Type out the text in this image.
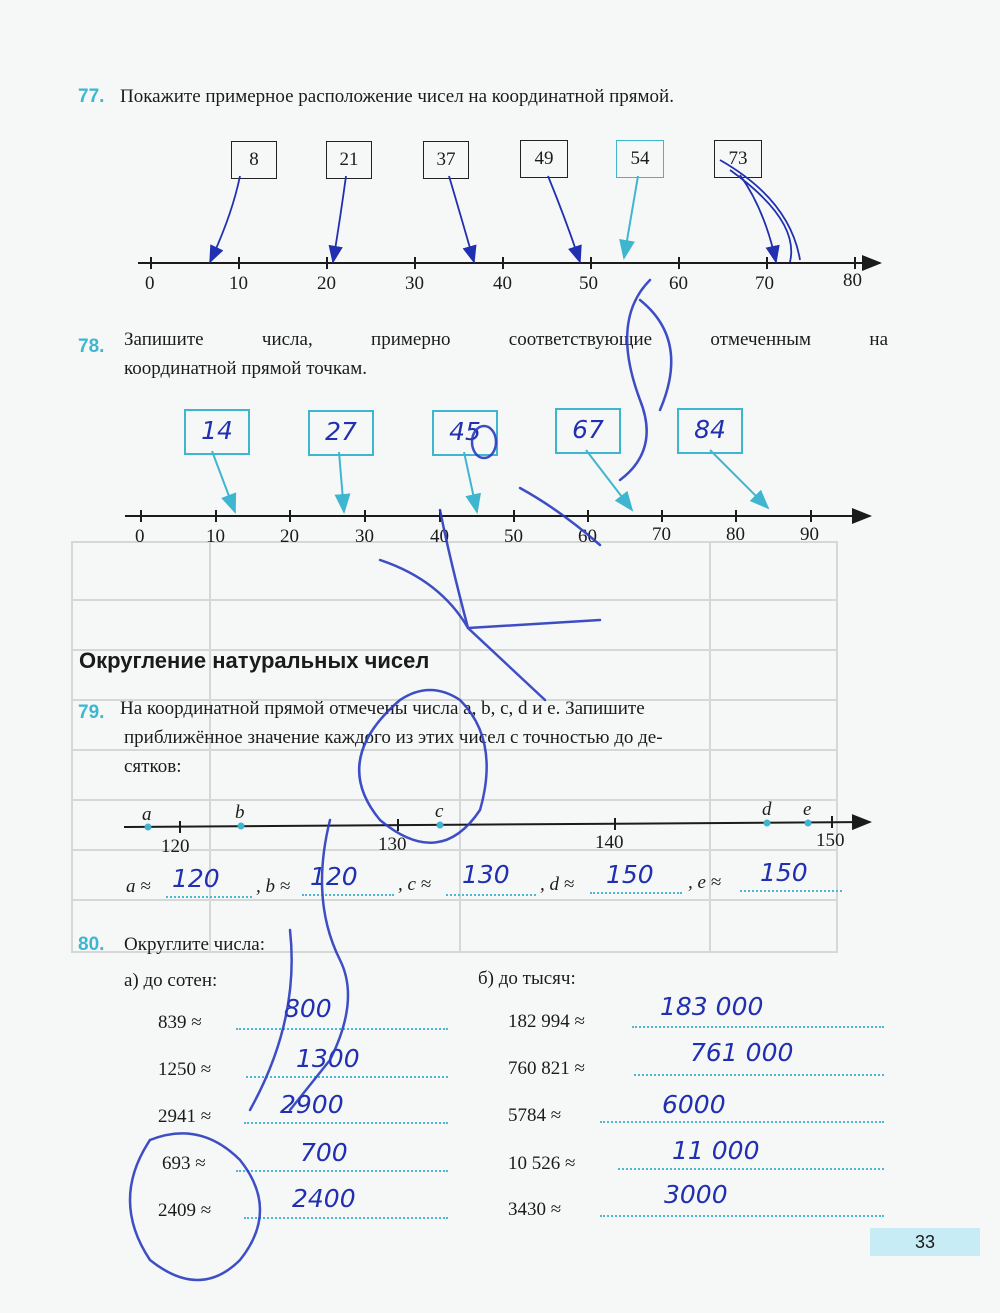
77. Покажите примерное расположение чисел на координатной прямой.
8	21	37	49	54	73
0	10	20	30	40	50	60	70	80
78. Запишите числа, примерно соответствующие отмеченным на
координатной прямой точкам.
14	27	45	67	84
0	10	20	30	40	50	60	70	80	90
Округление натуральных чисел
79. На координатной прямой отмечены числа a, b, c, d и e. Запишите
приближённое значение каждого из этих чисел с точностью до де-
сятков:
a	b	c	d e
120	130	140	150
a ≈ 120 , b ≈ 120 , c ≈ 130 , d ≈ 150 , e ≈ 150
80. Округлите числа:
а) до сотен:	б) до тысяч:
839 ≈	800
1250 ≈	1300
2941 ≈	2900
693 ≈	700
2409 ≈	2400
182 994 ≈
183 000
760 821 ≈
761 000
5784 ≈	6000
10 526 ≈	11 000
3430 ≈
3000
33
